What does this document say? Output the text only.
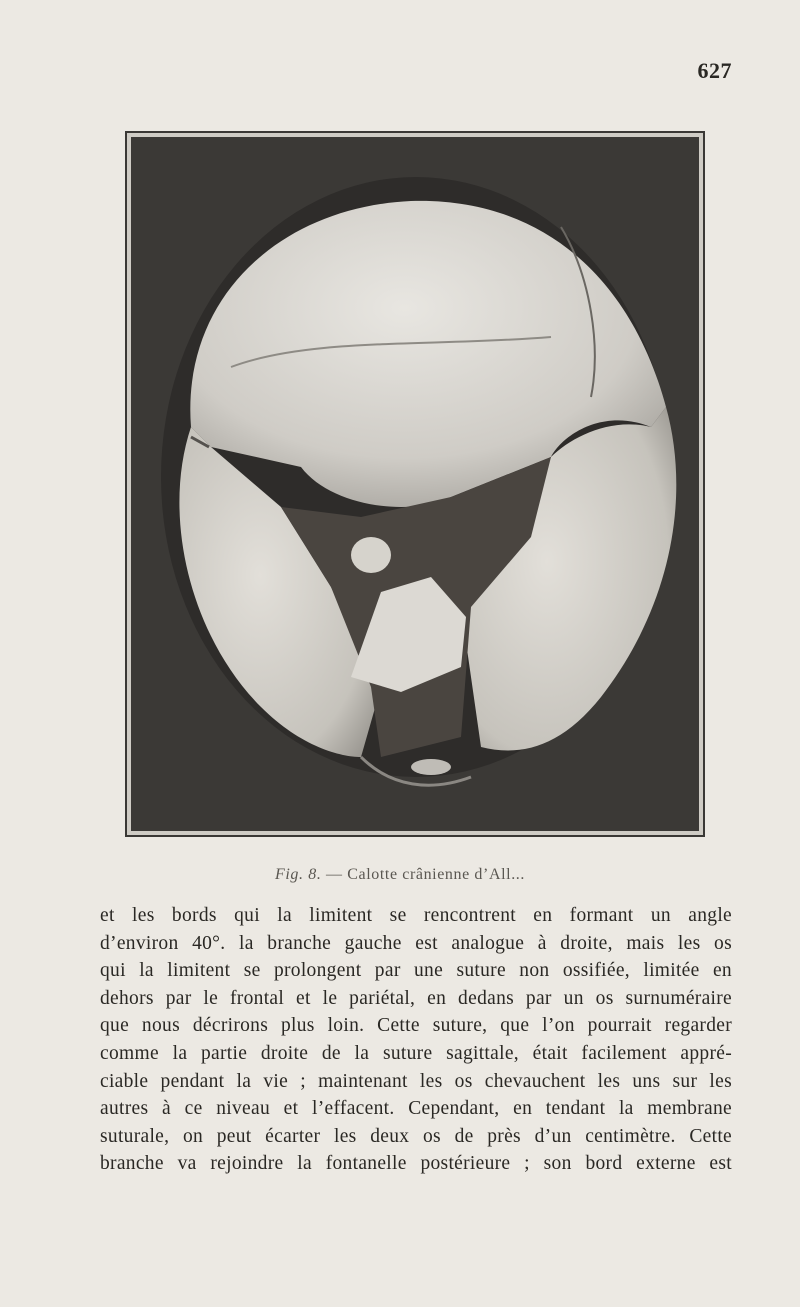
627
Fig. 8. — Calotte crânienne d’All...
et les bords qui la limitent se rencontrent en formant un angle
d’environ 40°. la branche gauche est analogue à droite, mais les os
qui la limitent se prolongent par une suture non ossifiée, limitée en
dehors par le frontal et le pariétal, en dedans par un os surnuméraire
que nous décrirons plus loin. Cette suture, que l’on pourrait regarder
comme la partie droite de la suture sagittale, était facilement appré-
ciable pendant la vie ; maintenant les os chevauchent les uns sur les
autres à ce niveau et l’effacent. Cependant, en tendant la membrane
suturale, on peut écarter les deux os de près d’un centimètre. Cette
branche va rejoindre la fontanelle postérieure ; son bord externe est
